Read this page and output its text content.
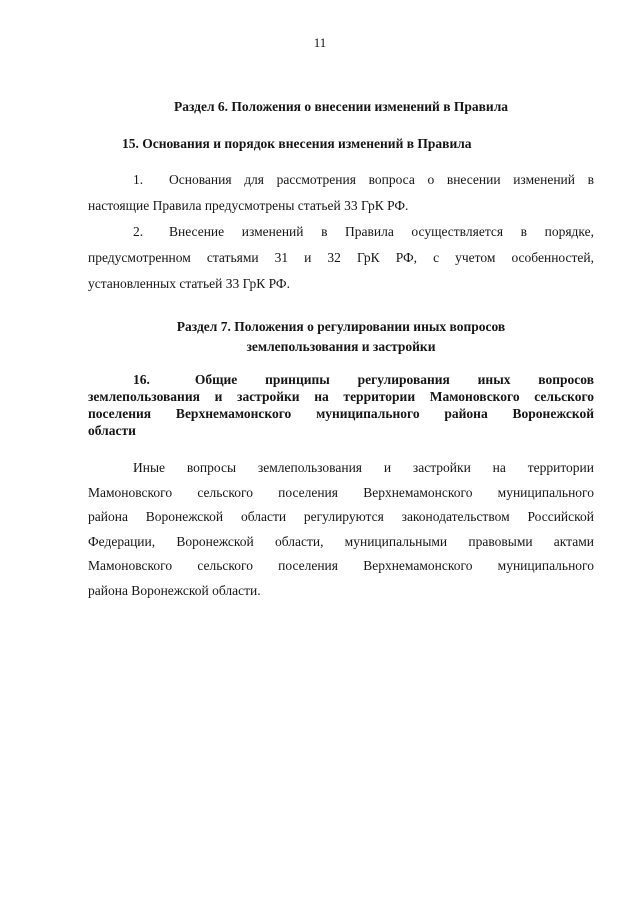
11
Раздел 6. Положения о внесении изменений в Правила
15. Основания и порядок внесения изменений в Правила
1. Основания для рассмотрения вопроса о внесении изменений в
настоящие Правила предусмотрены статьей 33 ГрК РФ.
2. Внесение изменений в Правила осуществляется в порядке,
предусмотренном статьями 31 и 32 ГрК РФ, с учетом особенностей,
установленных статьей 33 ГрК РФ.
Раздел 7. Положения о регулировании иных вопросов
землепользования и застройки
16.	Общие принципы регулирования иных вопросов
землепользования и застройки на территории Мамоновского сельского
поселения Верхнемамонского муниципального района Воронежской
области
Иные вопросы землепользования и застройки на территории
Мамоновского сельского поселения Верхнемамонского муниципального
района Воронежской области регулируются законодательством Российской
Федерации, Воронежской области, муниципальными правовыми актами
Мамоновского сельского поселения Верхнемамонского муниципального
района Воронежской области.
